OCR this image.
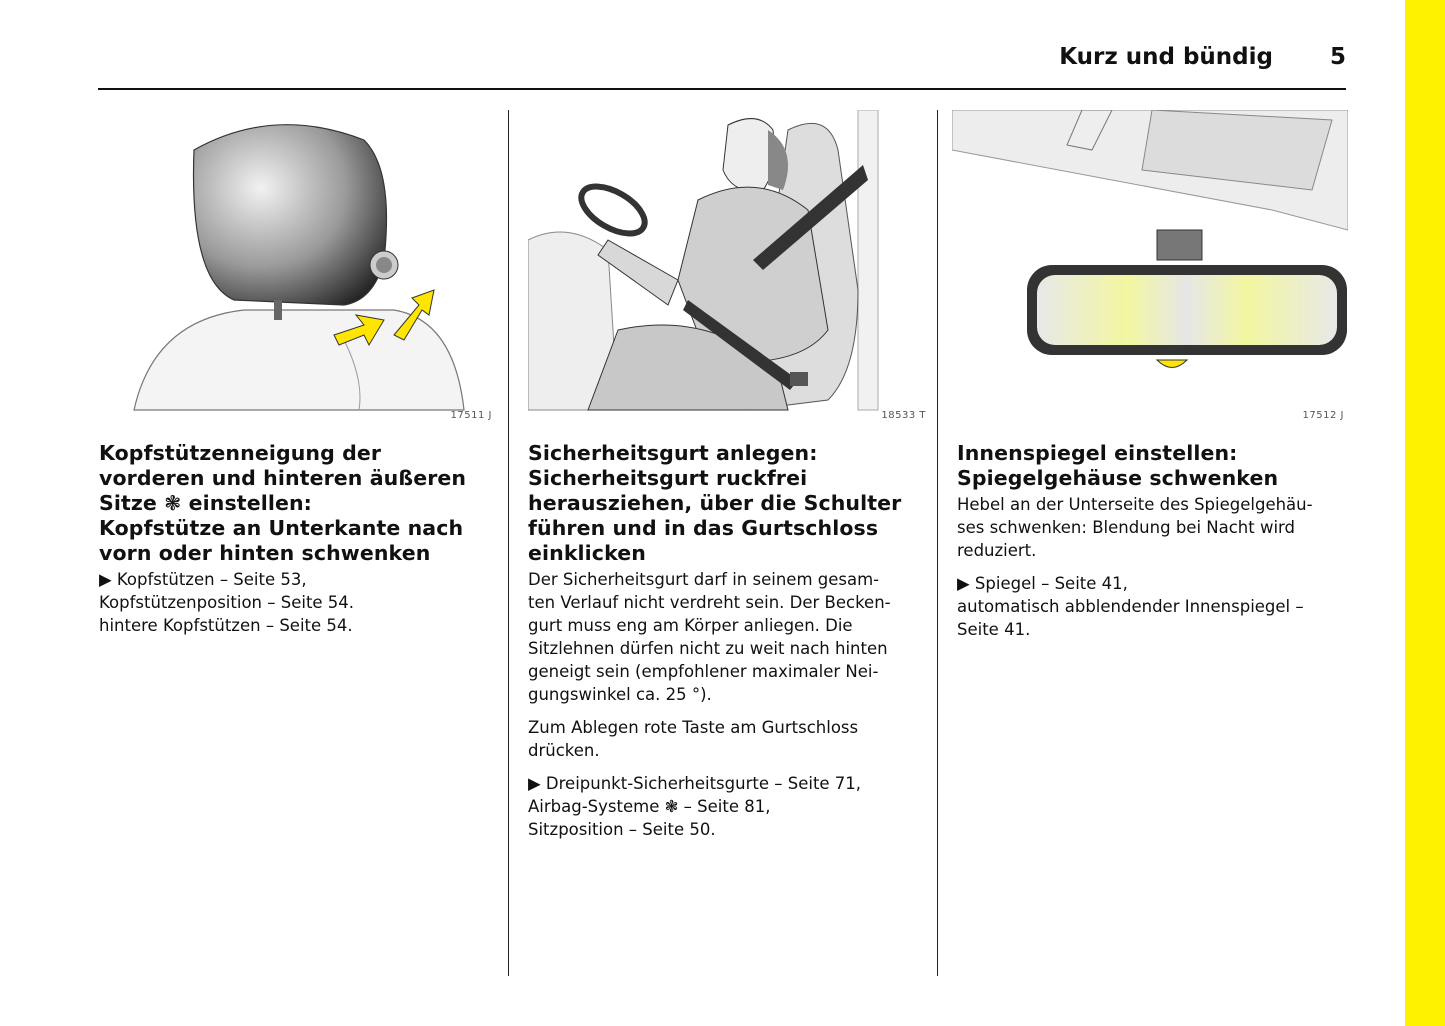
Kurz und bündig 5
17511 J
Kopfstützenneigung der
vorderen und hinteren äußeren
Sitze ❃ einstellen:
Kopfstütze an Unterkante nach
vorn oder hinten schwenken
▶ Kopfstützen – Seite 53,
Kopfstützenposition – Seite 54.
hintere Kopfstützen – Seite 54.
18533 T
Sicherheitsgurt anlegen:
Sicherheitsgurt ruckfrei
herausziehen, über die Schulter
führen und in das Gurtschloss
einklicken
Der Sicherheitsgurt darf in seinem gesam-
ten Verlauf nicht verdreht sein. Der Becken-
gurt muss eng am Körper anliegen. Die
Sitzlehnen dürfen nicht zu weit nach hinten
geneigt sein (empfohlener maximaler Nei-
gungswinkel ca. 25 °).
Zum Ablegen rote Taste am Gurtschloss
drücken.
▶ Dreipunkt-Sicherheitsgurte – Seite 71,
Airbag-Systeme ❃ – Seite 81,
Sitzposition – Seite 50.
17512 J
Innenspiegel einstellen:
Spiegelgehäuse schwenken
Hebel an der Unterseite des Spiegelgehäu-
ses schwenken: Blendung bei Nacht wird
reduziert.
▶ Spiegel – Seite 41,
automatisch abblendender Innenspiegel –
Seite 41.
